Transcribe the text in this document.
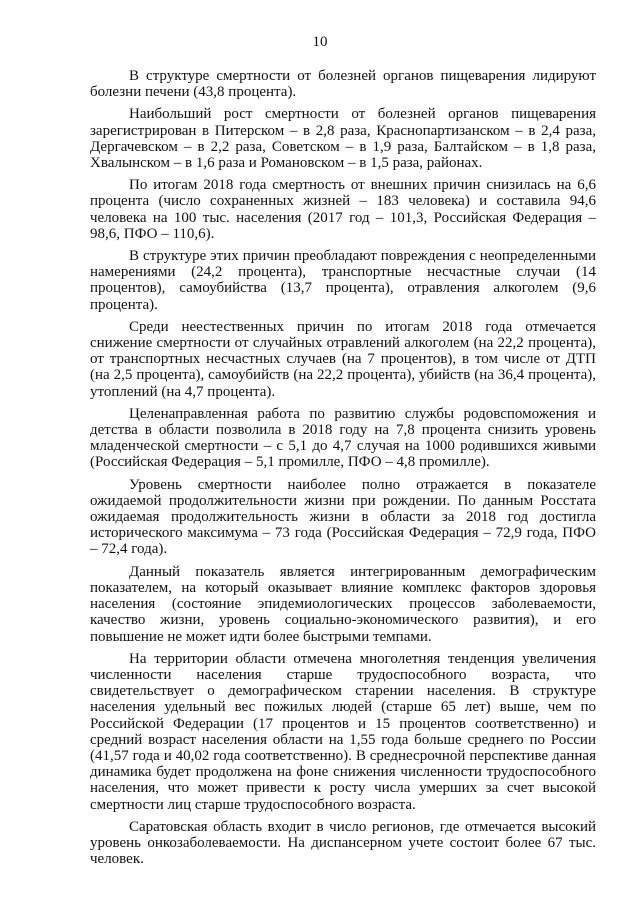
10

В структуре смертности от болезней органов пищеварения лидируют болезни печени (43,8 процента).

Наибольший рост смертности от болезней органов пищеварения зарегистрирован в Питерском – в 2,8 раза, Краснопартизанском – в 2,4 раза, Дергачевском – в 2,2 раза, Советском – в 1,9 раза, Балтайском – в 1,8 раза, Хвалынском – в 1,6 раза и Романовском – в 1,5 раза, районах.

По итогам 2018 года смертность от внешних причин снизилась на 6,6 процента (число сохраненных жизней – 183 человека) и составила 94,6 человека на 100 тыс. населения (2017 год – 101,3, Российская Федерация – 98,6, ПФО – 110,6).

В структуре этих причин преобладают повреждения с неопределенными намерениями (24,2 процента), транспортные несчастные случаи (14 процентов), самоубийства (13,7 процента), отравления алкоголем (9,6 процента).

Среди неестественных причин по итогам 2018 года отмечается снижение смертности от случайных отравлений алкоголем (на 22,2 процента), от транспортных несчастных случаев (на 7 процентов), в том числе от ДТП (на 2,5 процента), самоубийств (на 22,2 процента), убийств (на 36,4 процента), утоплений (на 4,7 процента).

Целенаправленная работа по развитию службы родовспоможения и детства в области позволила в 2018 году на 7,8 процента снизить уровень младенческой смертности – с 5,1 до 4,7 случая на 1000 родившихся живыми (Российская Федерация – 5,1 промилле, ПФО – 4,8 промилле).

Уровень смертности наиболее полно отражается в показателе ожидаемой продолжительности жизни при рождении. По данным Росстата ожидаемая продолжительность жизни в области за 2018 год достигла исторического максимума – 73 года (Российская Федерация – 72,9 года, ПФО – 72,4 года).

Данный показатель является интегрированным демографическим показателем, на который оказывает влияние комплекс факторов здоровья населения (состояние эпидемиологических процессов заболеваемости, качество жизни, уровень социально-экономического развития), и его повышение не может идти более быстрыми темпами.

На территории области отмечена многолетняя тенденция увеличения численности населения старше трудоспособного возраста, что свидетельствует о демографическом старении населения. В структуре населения удельный вес пожилых людей (старше 65 лет) выше, чем по Российской Федерации (17 процентов и 15 процентов соответственно) и средний возраст населения области на 1,55 года больше среднего по России (41,57 года и 40,02 года соответственно). В среднесрочной перспективе данная динамика будет продолжена на фоне снижения численности трудоспособного населения, что может привести к росту числа умерших за счет высокой смертности лиц старше трудоспособного возраста.

Саратовская область входит в число регионов, где отмечается высокий уровень онкозаболеваемости. На диспансерном учете состоит более 67 тыс. человек.
